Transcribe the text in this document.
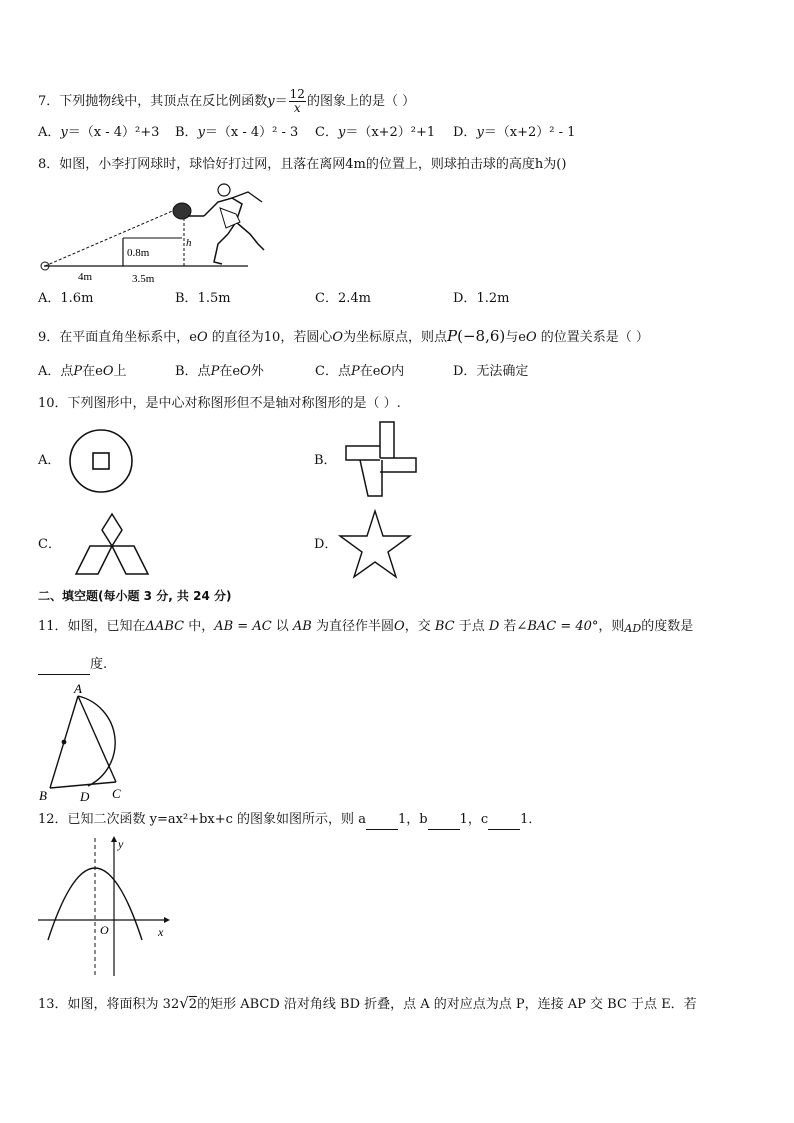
7．下列抛物线中，其顶点在反比例函数$y= \frac{12}{x}$ 的图象上的是（ ）
A．y＝（x - 4）²+3 B．y＝（x - 4）² - 3 C．y＝（x+2）²+1 D．y＝（x+2）² - 1
8．如图，小李打网球时，球恰好打过网，且落在离网4m的位置上，则球拍击球的高度h为()
h
0.8m
4m	3.5m
A．1.6m	B．1.5m	C．2.4m	D．1.2m
9．在平面直角坐标系中，eO 的直径为10，若圆心O为坐标原点，则点P(−8,6)与eO 的位置关系是（ ）
A．点P在eO上	B．点P在eO外	C．点P在eO内	D．无法确定
10．下列图形中，是中心对称图形但不是轴对称图形的是（ ）.
A．	B．
C．	D．
二、填空题(每小题 3 分, 共 24 分)
11．如图，已知在ΔABC 中，AB = AC 以 AB 为直径作半圆O，交 BC 于点 D 若∠BAC = 40°，则AD的度数是
度.
A
B	D C
12．已知二次函数 y=ax²+bx+c 的图象如图所示，则 a 1，b 1，c 1．
y
O	x
13．如图，将面积为 32√2的矩形 ABCD 沿对角线 BD 折叠，点 A 的对应点为点 P，连接 AP 交 BC 于点 E．若
